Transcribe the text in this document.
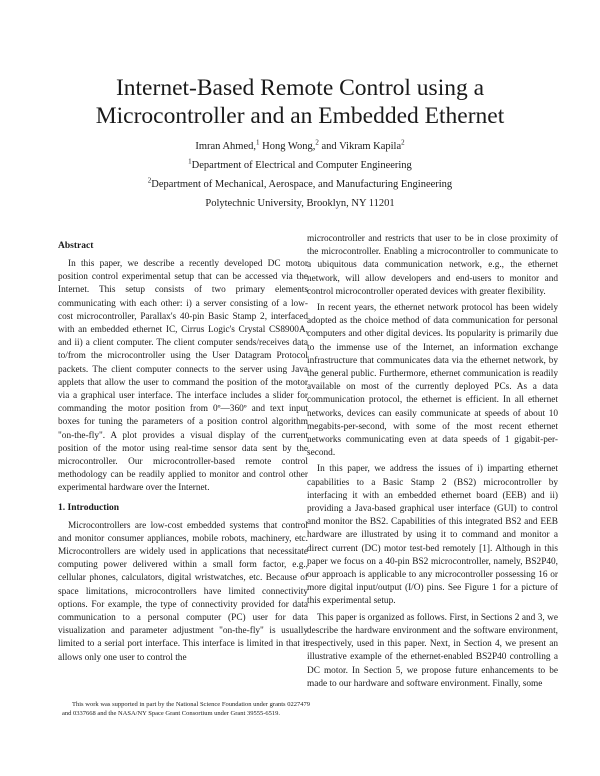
Internet-Based Remote Control using a
Microcontroller and an Embedded Ethernet
Imran Ahmed,$^1$ Hong Wong,$^2$ and Vikram Kapila$^2$
$^1$Department of Electrical and Computer Engineering
$^2$Department of Mechanical, Aerospace, and Manufacturing Engineering
Polytechnic University, Brooklyn, NY 11201
Abstract

In this paper, we describe a recently developed DC motor position control experimental setup that can be accessed via the Internet. This setup consists of two primary elements communicating with each other: i) a server consisting of a low-cost microcontroller, Parallax's 40-pin Basic Stamp 2, interfaced with an embedded ethernet IC, Cirrus Logic's Crystal CS8900A, and ii) a client computer. The client computer sends/receives data to/from the microcontroller using the User Datagram Protocol packets. The client computer connects to the server using Java applets that allow the user to command the position of the motor via a graphical user interface. The interface includes a slider for commanding the motor position from 0º—360º and text input boxes for tuning the parameters of a position control algorithm "on-the-fly". A plot provides a visual display of the current position of the motor using real-time sensor data sent by the microcontroller. Our microcontroller-based remote control methodology can be readily applied to monitor and control other experimental hardware over the Internet.

1. Introduction

Microcontrollers are low-cost embedded systems that control and monitor consumer appliances, mobile robots, machinery, etc. Microcontrollers are widely used in applications that necessitate computing power delivered within a small form factor, e.g., cellular phones, calculators, digital wristwatches, etc. Because of space limitations, microcontrollers have limited connectivity options. For example, the type of connectivity provided for data communication to a personal computer (PC) user for data visualization and parameter adjustment "on-the-fly" is usually limited to a serial port interface. This interface is limited in that it allows only one user to control the

microcontroller and restricts that user to be in close proximity of the microcontroller. Enabling a microcontroller to communicate to a ubiquitous data communication network, e.g., the ethernet network, will allow developers and end-users to monitor and control microcontroller operated devices with greater flexibility.

In recent years, the ethernet network protocol has been widely adopted as the choice method of data communication for personal computers and other digital devices. Its popularity is primarily due to the immense use of the Internet, an information exchange infrastructure that communicates data via the ethernet network, by the general public. Furthermore, ethernet communication is readily available on most of the currently deployed PCs. As a data communication protocol, the ethernet is efficient. In all ethernet networks, devices can easily communicate at speeds of about 10 megabits-per-second, with some of the most recent ethernet networks communicating even at data speeds of 1 gigabit-per-second.

In this paper, we address the issues of i) imparting ethernet capabilities to a Basic Stamp 2 (BS2) microcontroller by interfacing it with an embedded ethernet board (EEB) and ii) providing a Java-based graphical user interface (GUI) to control and monitor the BS2. Capabilities of this integrated BS2 and EEB hardware are illustrated by using it to command and monitor a direct current (DC) motor test-bed remotely [1]. Although in this paper we focus on a 40-pin BS2 microcontroller, namely, BS2P40, our approach is applicable to any microcontroller possessing 16 or more digital input/output (I/O) pins. See Figure 1 for a picture of this experimental setup.

This paper is organized as follows. First, in Sections 2 and 3, we describe the hardware environment and the software environment, respectively, used in this paper. Next, in Section 4, we present an illustrative example of the ethernet-enabled BS2P40 controlling a DC motor. In Section 5, we propose future enhancements to be made to our hardware and software environment. Finally, some

This work was supported in part by the National Science Foundation under grants 0227479 and 0337668 and the NASA/NY Space Grant Consortium under Grant 39555-6519.
